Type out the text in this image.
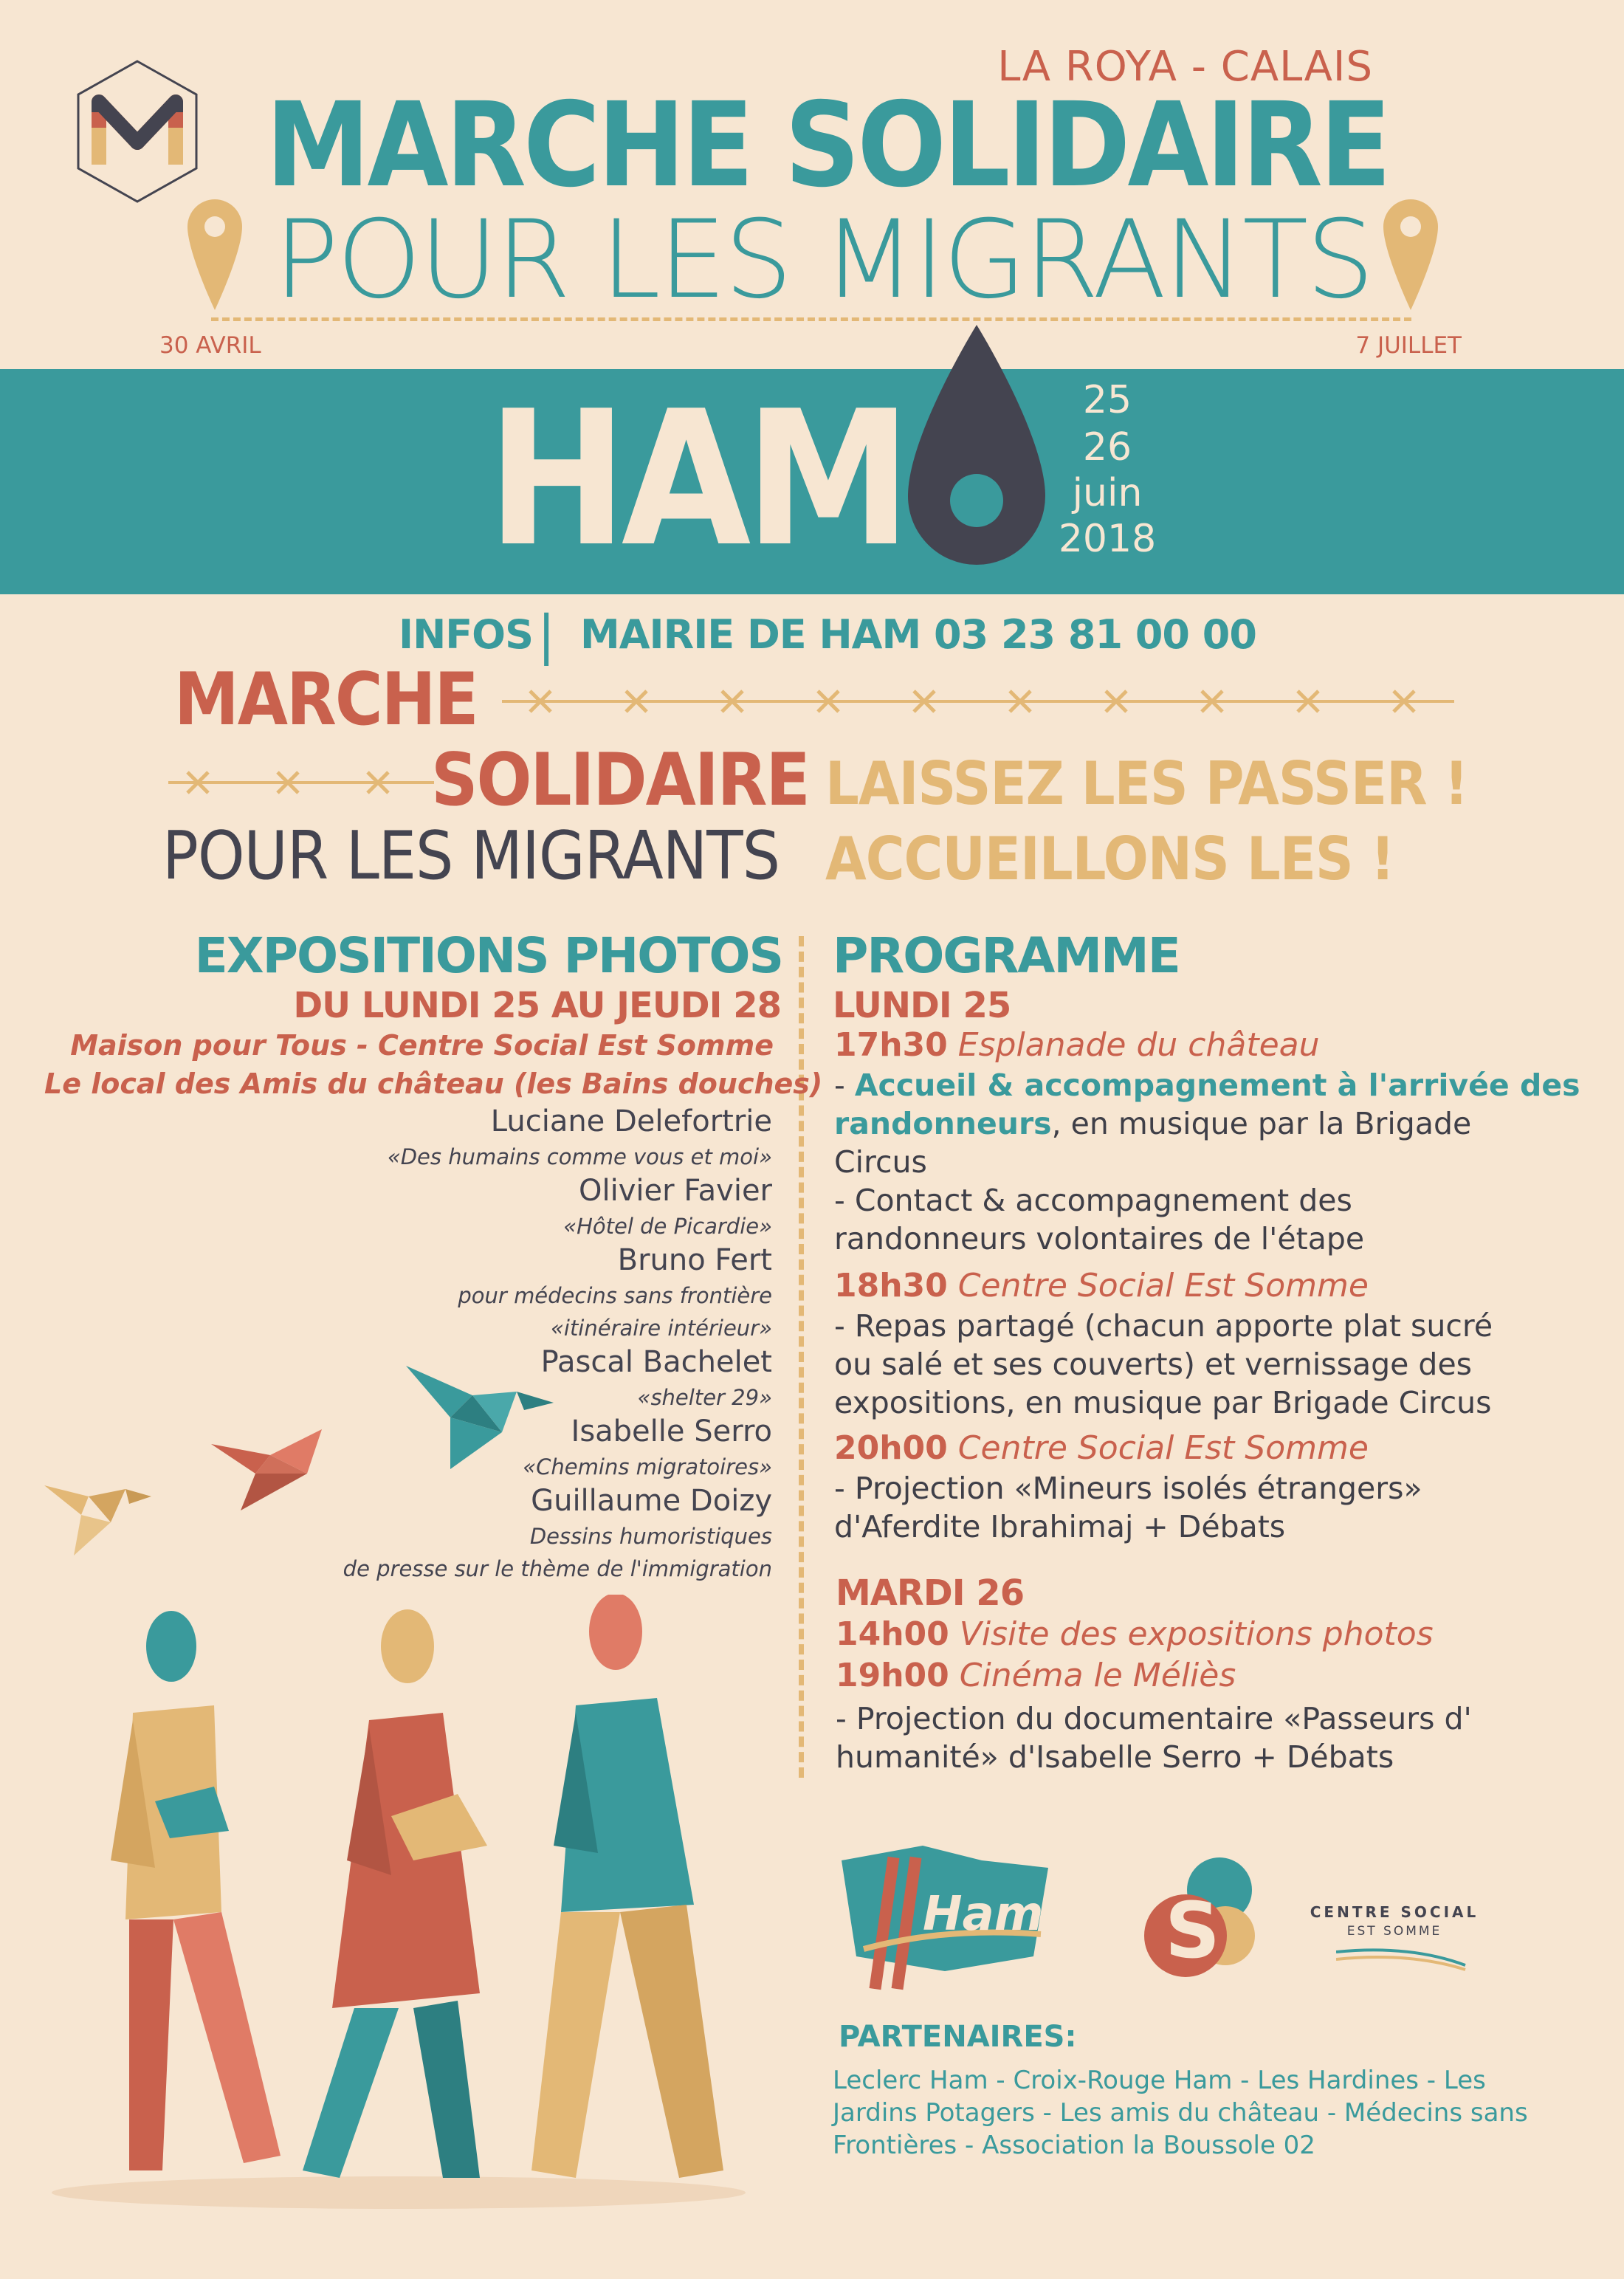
LA ROYA - CALAIS
MARCHE SOLIDAIRE
POUR LES MIGRANTS
30 AVRIL	7 JUILLET
HAM	25
26
juin
2018
INFOS | MAIRIE DE HAM 03 23 81 00 00
MARCHE
SOLIDAIRE
POUR LES MIGRANTS
LAISSEZ LES PASSER !
ACCUEILLONS LES !
EXPOSITIONS PHOTOS
DU LUNDI 25 AU JEUDI 28
Maison pour Tous - Centre Social Est Somme
Le local des Amis du château (les Bains douches)
Luciane Delefortrie
«Des humains comme vous et moi»
Olivier Favier
«Hôtel de Picardie»
Bruno Fert
pour médecins sans frontière
«itinéraire intérieur»
Pascal Bachelet
«shelter 29»
Isabelle Serro
«Chemins migratoires»
Guillaume Doizy
Dessins humoristiques
de presse sur le thème de l'immigration
PROGRAMME
LUNDI 25
17h30 Esplanade du château
- Accueil & accompagnement à l'arrivée des
randonneurs, en musique par la Brigade
Circus
- Contact & accompagnement des
randonneurs volontaires de l'étape
18h30 Centre Social Est Somme
- Repas partagé (chacun apporte plat sucré
ou salé et ses couverts) et vernissage des
expositions, en musique par Brigade Circus
20h00 Centre Social Est Somme
- Projection «Mineurs isolés étrangers»
d'Aferdite Ibrahimaj + Débats
MARDI 26
14h00 Visite des expositions photos
19h00 Cinéma le Méliès
- Projection du documentaire «Passeurs d'
humanité» d'Isabelle Serro + Débats
Ham S	CENTRE SOCIAL
EST SOMME
PARTENAIRES:
Leclerc Ham - Croix-Rouge Ham - Les Hardines - Les
Jardins Potagers - Les amis du château - Médecins sans
Frontières - Association la Boussole 02
